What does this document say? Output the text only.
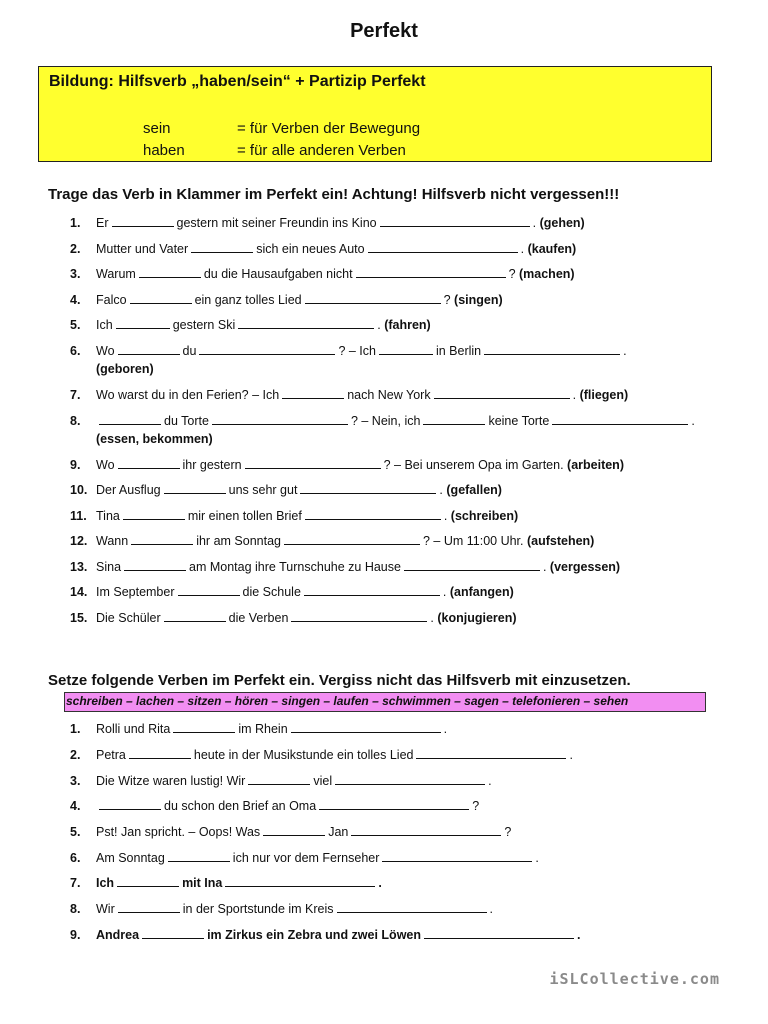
Perfekt
Bildung: Hilfsverb „haben/sein“ + Partizip Perfekt
sein	= für Verben der Bewegung
haben	= für alle anderen Verben
Trage das Verb in Klammer im Perfekt ein! Achtung! Hilfsverb nicht vergessen!!!
1. Er	gestern mit seiner Freundin ins Kino	. (gehen)
2. Mutter und Vater	sich ein neues Auto	. (kaufen)
3. Warum	du die Hausaufgaben nicht	? (machen)
4. Falco	ein ganz tolles Lied	? (singen)
5. Ich	gestern Ski	. (fahren)
6. Wo	du	? – Ich	in Berlin	.
(geboren)
7. Wo warst du in den Ferien? – Ich	nach New York	. (fliegen)
8.	du Torte	? – Nein, ich	keine Torte	.
(essen, bekommen)
9. Wo	ihr gestern	? – Bei unserem Opa im Garten. (arbeiten)
10. Der Ausflug	uns sehr gut	. (gefallen)
11. Tina	mir einen tollen Brief	. (schreiben)
12. Wann	ihr am Sonntag	? – Um 11:00 Uhr. (aufstehen)
13. Sina	am Montag ihre Turnschuhe zu Hause	. (vergessen)
14. Im September	die Schule	. (anfangen)
15. Die Schüler	die Verben	. (konjugieren)
Setze folgende Verben im Perfekt ein. Vergiss nicht das Hilfsverb mit einzusetzen.
schreiben – lachen – sitzen – hören – singen – laufen – schwimmen – sagen – telefonieren – sehen
1. Rolli und Rita	im Rhein	.
2. Petra	heute in der Musikstunde ein tolles Lied	.
3. Die Witze waren lustig! Wir	viel	.
4.	du schon den Brief an Oma	?
5. Pst! Jan spricht. – Oops! Was	Jan	?
6. Am Sonntag	ich nur vor dem Fernseher	.
7. Ich	mit Ina	.
8. Wir	in der Sportstunde im Kreis	.
9. Andrea	im Zirkus ein Zebra und zwei Löwen	.
iSLCollective.com
